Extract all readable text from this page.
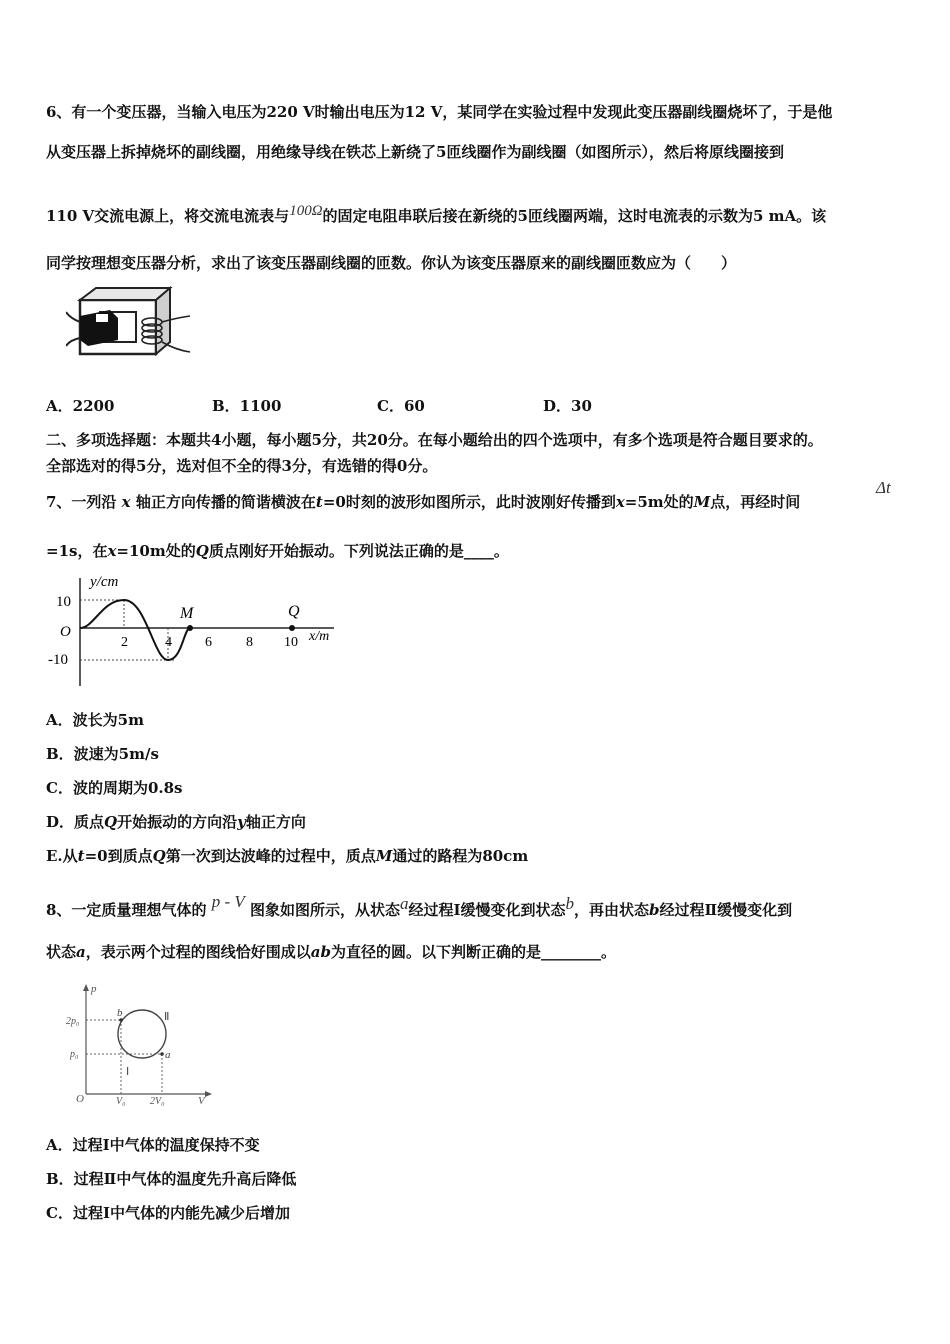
6、有一个变压器，当输入电压为220 V时输出电压为12 V，某同学在实验过程中发现此变压器副线圈烧坏了，于是他
从变压器上拆掉烧坏的副线圈，用绝缘导线在铁芯上新绕了5匝线圈作为副线圈（如图所示），然后将原线圈接到
110 V交流电源上，将交流电流表与100Ω的固定电阻串联后接在新绕的5匝线圈两端，这时电流表的示数为5 mA。该
同学按理想变压器分析，求出了该变压器副线圈的匝数。你认为该变压器原来的副线圈匝数应为（　　）
A．2200	B．1100	C．60	D．30
二、多项选择题：本题共4小题，每小题5分，共20分。在每小题给出的四个选项中，有多个选项是符合题目要求的。
全部选对的得5分，选对但不全的得3分，有选错的得0分。
7、一列沿 x 轴正方向传播的简谐横波在t=0时刻的波形如图所示，此时波刚好传播到x=5m处的M点，再经时间
Δt
=1s，在x=10m处的Q质点刚好开始振动。下列说法正确的是____。
y/cm
x/m
O
10
-10
2	4 6 8 10
M	Q
A．波长为5m
B．波速为5m/s
C．波的周期为0.8s
D．质点Q开始振动的方向沿y轴正方向
E.从t=0到质点Q第一次到达波峰的过程中，质点M通过的路程为80cm
8、一定质量理想气体的 p - V 图象如图所示，从状态a经过程Ⅰ缓慢变化到状态b，再由状态b经过程Ⅱ缓慢变化到
状态a，表示两个过程的图线恰好围成以ab为直径的圆。以下判断正确的是________。
p
V
O
2p₀
p₀
V₀ 2V₀
b
a
Ⅰ
Ⅱ
A．过程Ⅰ中气体的温度保持不变
B．过程Ⅱ中气体的温度先升高后降低
C．过程Ⅰ中气体的内能先减少后增加
